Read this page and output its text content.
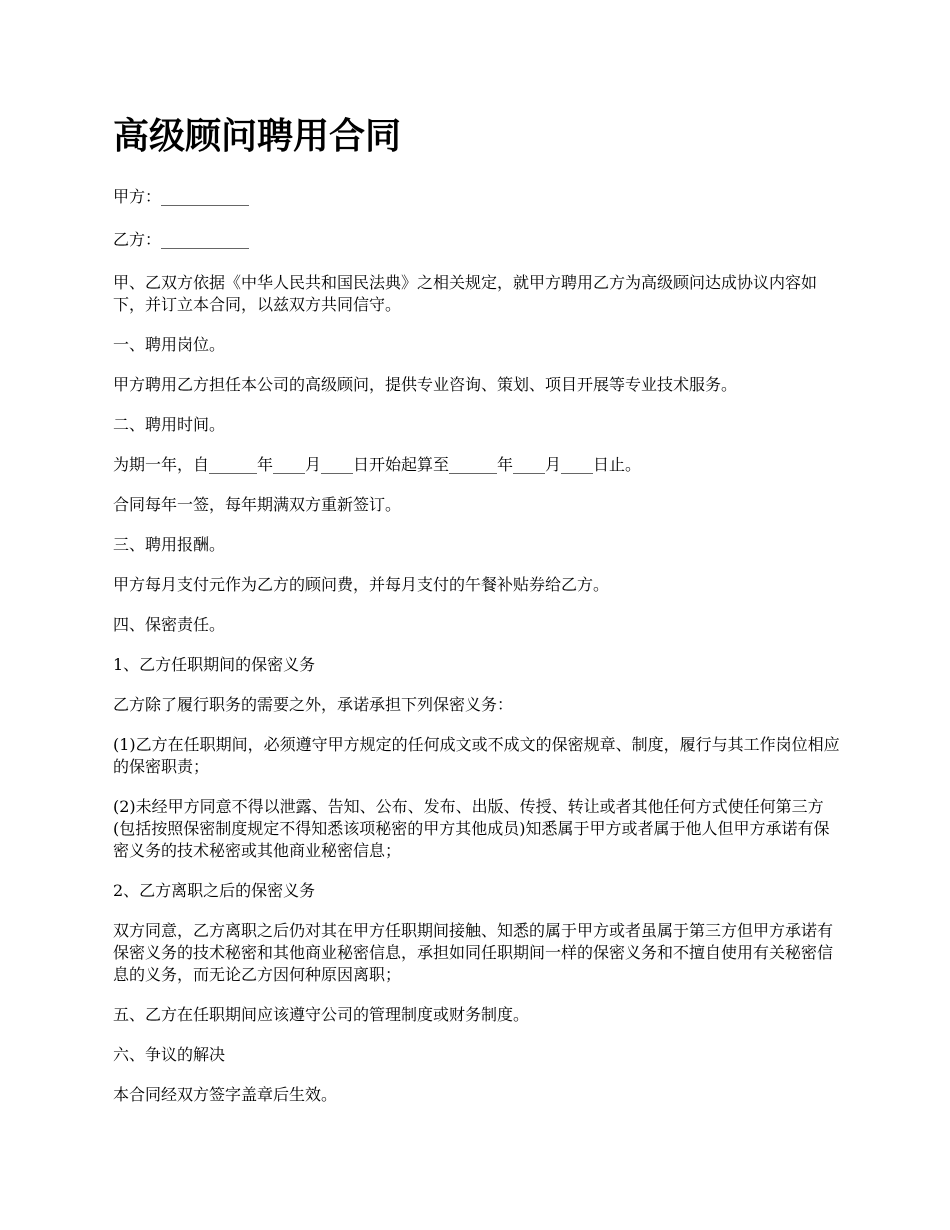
高级顾问聘用合同

甲方：___________

乙方：___________

甲、乙双方依据《中华人民共和国民法典》之相关规定，就甲方聘用乙方为高级顾问达成协议内容如下，并订立本合同，以兹双方共同信守。

一、聘用岗位。

甲方聘用乙方担任本公司的高级顾问，提供专业咨询、策划、项目开展等专业技术服务。

二、聘用时间。

为期一年，自______年____月____日开始起算至______年____月____日止。

合同每年一签，每年期满双方重新签订。

三、聘用报酬。

甲方每月支付元作为乙方的顾问费，并每月支付的午餐补贴券给乙方。

四、保密责任。

1、乙方任职期间的保密义务

乙方除了履行职务的需要之外，承诺承担下列保密义务：

(1)乙方在任职期间，必须遵守甲方规定的任何成文或不成文的保密规章、制度，履行与其工作岗位相应的保密职责；

(2)未经甲方同意不得以泄露、告知、公布、发布、出版、传授、转让或者其他任何方式使任何第三方(包括按照保密制度规定不得知悉该项秘密的甲方其他成员)知悉属于甲方或者属于他人但甲方承诺有保密义务的技术秘密或其他商业秘密信息；

2、乙方离职之后的保密义务

双方同意，乙方离职之后仍对其在甲方任职期间接触、知悉的属于甲方或者虽属于第三方但甲方承诺有保密义务的技术秘密和其他商业秘密信息，承担如同任职期间一样的保密义务和不擅自使用有关秘密信息的义务，而无论乙方因何种原因离职；

五、乙方在任职期间应该遵守公司的管理制度或财务制度。

六、争议的解决

本合同经双方签字盖章后生效。
